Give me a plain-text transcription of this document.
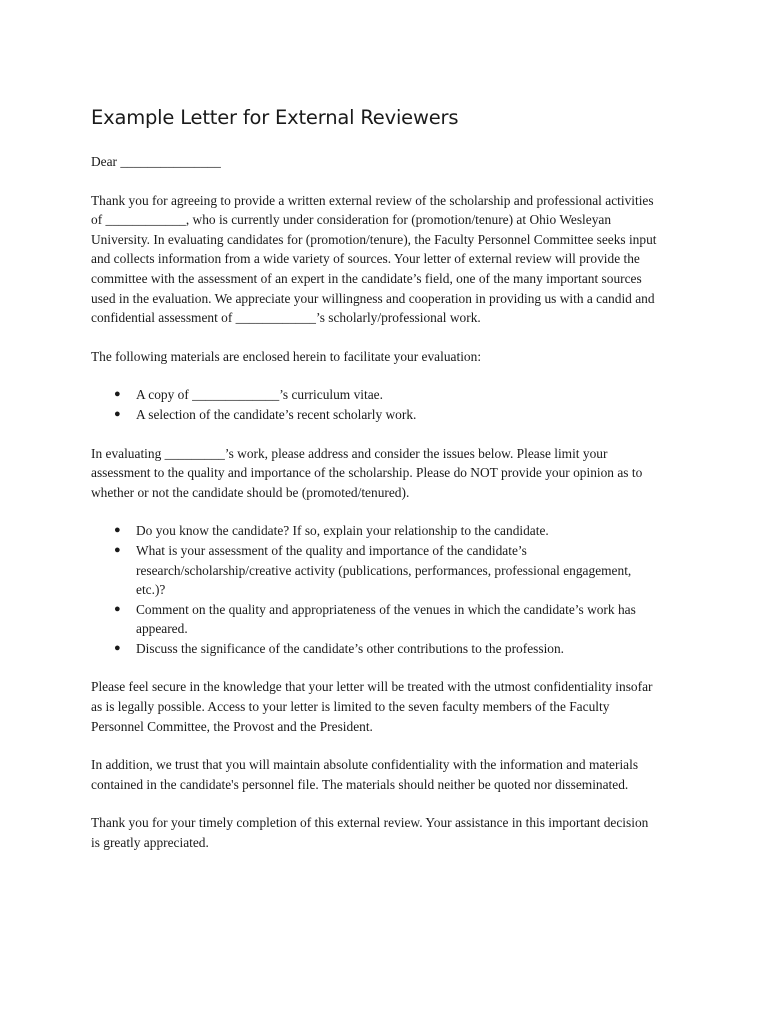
Example Letter for External Reviewers

Dear _______________

Thank you for agreeing to provide a written external review of the scholarship and professional activities
of ____________, who is currently under consideration for (promotion/tenure) at Ohio Wesleyan
University. In evaluating candidates for (promotion/tenure), the Faculty Personnel Committee seeks input
and collects information from a wide variety of sources. Your letter of external review will provide the
committee with the assessment of an expert in the candidate’s field, one of the many important sources
used in the evaluation. We appreciate your willingness and cooperation in providing us with a candid and
confidential assessment of ____________’s scholarly/professional work.

The following materials are enclosed herein to facilitate your evaluation:

● A copy of _____________’s curriculum vitae.
● A selection of the candidate’s recent scholarly work.

In evaluating _________’s work, please address and consider the issues below. Please limit your
assessment to the quality and importance of the scholarship. Please do NOT provide your opinion as to
whether or not the candidate should be (promoted/tenured).

● Do you know the candidate? If so, explain your relationship to the candidate.
● What is your assessment of the quality and importance of the candidate’s
research/scholarship/creative activity (publications, performances, professional engagement,
etc.)?
● Comment on the quality and appropriateness of the venues in which the candidate’s work has
appeared.
● Discuss the significance of the candidate’s other contributions to the profession.

Please feel secure in the knowledge that your letter will be treated with the utmost confidentiality insofar
as is legally possible. Access to your letter is limited to the seven faculty members of the Faculty
Personnel Committee, the Provost and the President.

In addition, we trust that you will maintain absolute confidentiality with the information and materials
contained in the candidate's personnel file. The materials should neither be quoted nor disseminated.

Thank you for your timely completion of this external review. Your assistance in this important decision
is greatly appreciated.
